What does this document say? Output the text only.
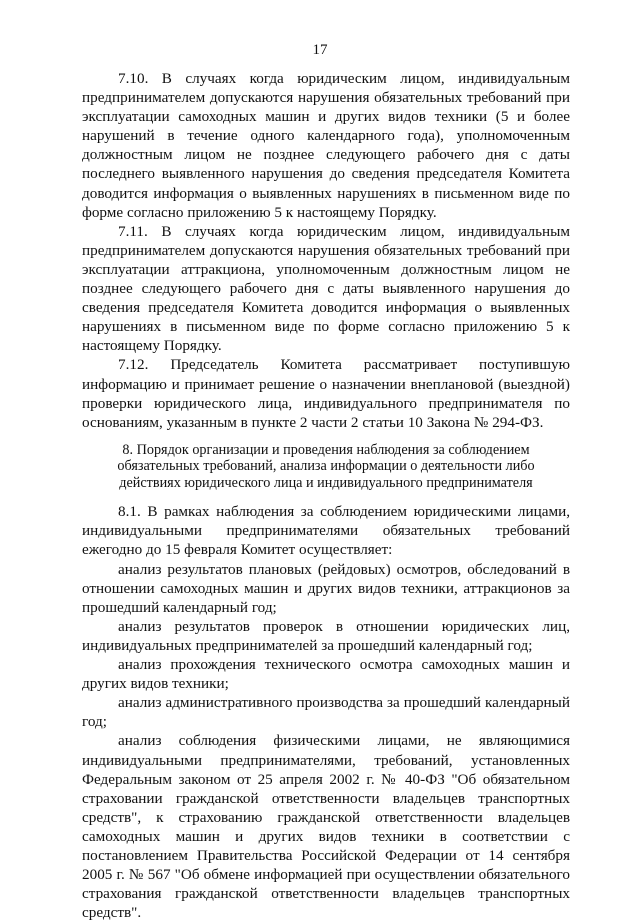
17

7.10. В случаях когда юридическим лицом, индивидуальным предпринимателем допускаются нарушения обязательных требований при эксплуатации самоходных машин и других видов техники (5 и более нарушений в течение одного календарного года), уполномоченным должностным лицом не позднее следующего рабочего дня с даты последнего выявленного нарушения до сведения председателя Комитета доводится информация о выявленных нарушениях в письменном виде по форме согласно приложению 5 к настоящему Порядку.

7.11. В случаях когда юридическим лицом, индивидуальным предпринимателем допускаются нарушения обязательных требований при эксплуатации аттракциона, уполномоченным должностным лицом не позднее следующего рабочего дня с даты выявленного нарушения до сведения председателя Комитета доводится информация о выявленных нарушениях в письменном виде по форме согласно приложению 5 к настоящему Порядку.

7.12. Председатель Комитета рассматривает поступившую информацию и принимает решение о назначении внеплановой (выездной) проверки юридического лица, индивидуального предпринимателя по основаниям, указанным в пункте 2 части 2 статьи 10 Закона № 294-ФЗ.

8. Порядок организации и проведения наблюдения за соблюдением обязательных требований, анализа информации о деятельности либо действиях юридического лица и индивидуального предпринимателя

8.1. В рамках наблюдения за соблюдением юридическими лицами, индивидуальными предпринимателями обязательных требований ежегодно до 15 февраля Комитет осуществляет:

анализ результатов плановых (рейдовых) осмотров, обследований в отношении самоходных машин и других видов техники, аттракционов за прошедший календарный год;

анализ результатов проверок в отношении юридических лиц, индивидуальных предпринимателей за прошедший календарный год;

анализ прохождения технического осмотра самоходных машин и других видов техники;

анализ административного производства за прошедший календарный год;

анализ соблюдения физическими лицами, не являющимися индивидуальными предпринимателями, требований, установленных Федеральным законом от 25 апреля 2002 г. № 40-ФЗ "Об обязательном страховании гражданской ответственности владельцев транспортных средств", к страхованию гражданской ответственности владельцев самоходных машин и других видов техники в соответствии с постановлением Правительства Российской Федерации от 14 сентября 2005 г. № 567 "Об обмене информацией при осуществлении обязательного страхования гражданской ответственности владельцев транспортных средств".
